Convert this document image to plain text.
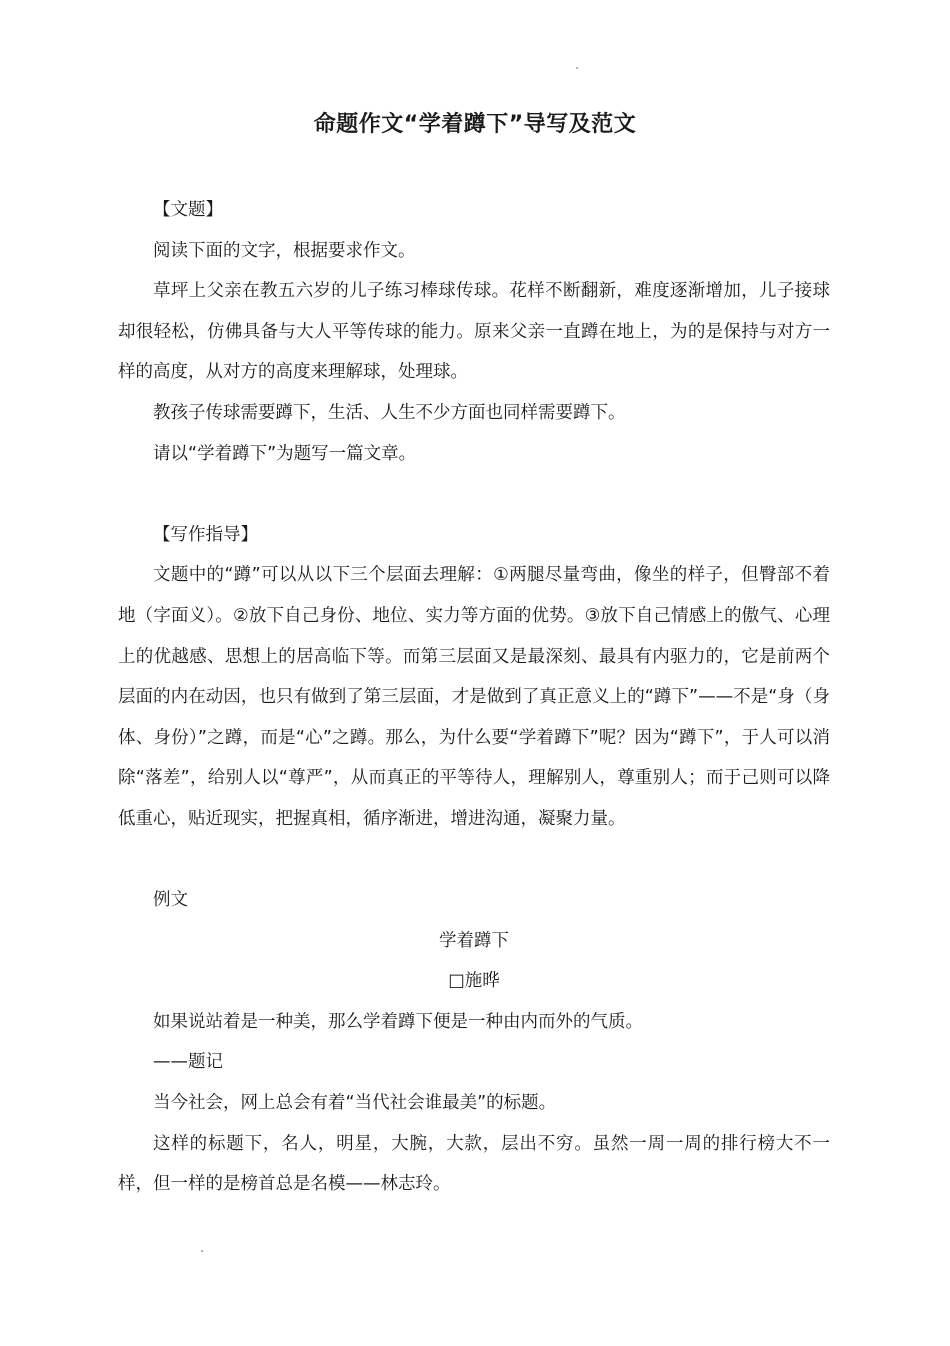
命题作文“学着蹲下”导写及范文

【文题】

阅读下面的文字，根据要求作文。

草坪上父亲在教五六岁的儿子练习棒球传球。花样不断翻新，难度逐渐增加，儿子接球却很轻松，仿佛具备与大人平等传球的能力。原来父亲一直蹲在地上，为的是保持与对方一样的高度，从对方的高度来理解球，处理球。

教孩子传球需要蹲下，生活、人生不少方面也同样需要蹲下。

请以“学着蹲下”为题写一篇文章。

【写作指导】

文题中的“蹲”可以从以下三个层面去理解：①两腿尽量弯曲，像坐的样子，但臀部不着地（字面义）。②放下自己身份、地位、实力等方面的优势。③放下自己情感上的傲气、心理上的优越感、思想上的居高临下等。而第三层面又是最深刻、最具有内驱力的，它是前两个层面的内在动因，也只有做到了第三层面，才是做到了真正意义上的“蹲下”——不是“身（身体、身份）”之蹲，而是“心”之蹲。那么，为什么要“学着蹲下”呢？因为“蹲下”，于人可以消除“落差”，给别人以“尊严”，从而真正的平等待人，理解别人，尊重别人；而于己则可以降低重心，贴近现实，把握真相，循序渐进，增进沟通，凝聚力量。

例文

学着蹲下

□施晔

如果说站着是一种美，那么学着蹲下便是一种由内而外的气质。

——题记

当今社会，网上总会有着“当代社会谁最美”的标题。

这样的标题下，名人，明星，大腕，大款，层出不穷。虽然一周一周的排行榜大不一样，但一样的是榜首总是名模——林志玲。
